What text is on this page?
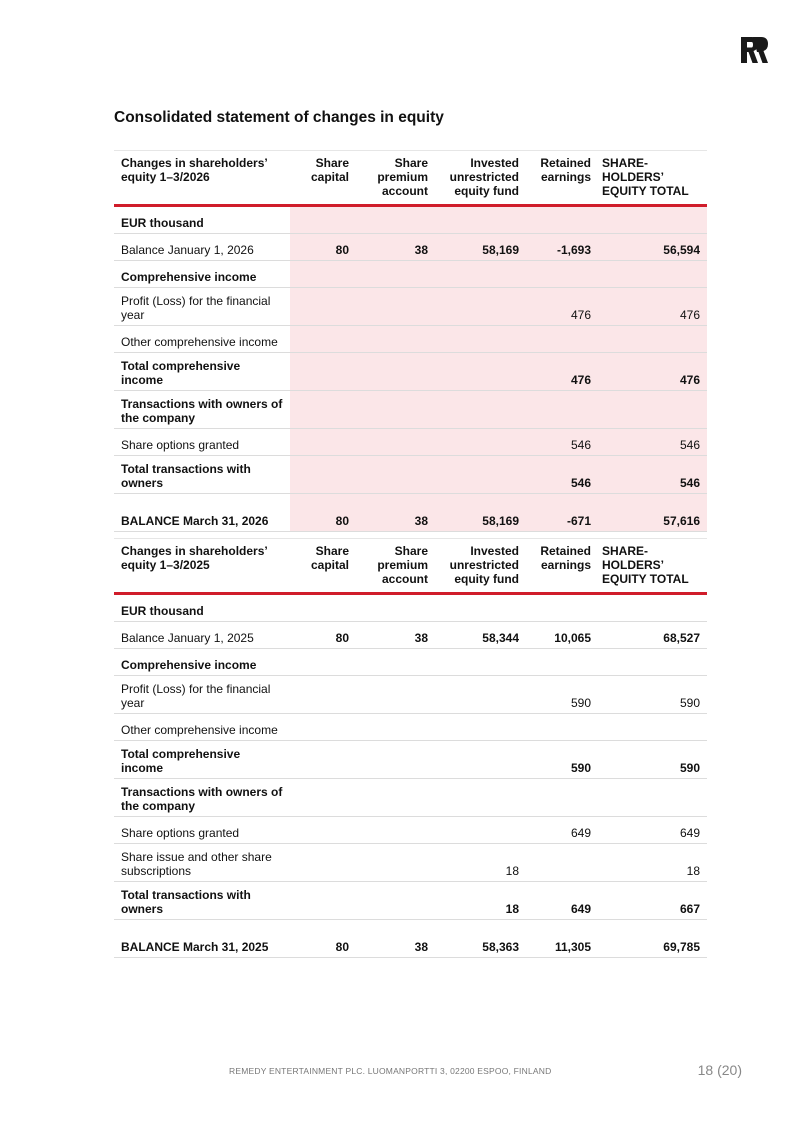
Consolidated statement of changes in equity
Changes in shareholders’ equity 1–3/2026	Share capital	Share premium account	Invested unrestricted equity fund	Retained earnings	SHARE-HOLDERS’ EQUITY TOTAL
EUR thousand					
Balance January 1, 2026	80	38	58,169	-1,693	56,594
Comprehensive income					
Profit (Loss) for the financial year				476	476
Other comprehensive income					
Total comprehensive income				476	476
Transactions with owners of the company					
Share options granted				546	546
Total transactions with owners				546	546
BALANCE March 31, 2026	80	38	58,169	-671	57,616
Changes in shareholders’ equity 1–3/2025	Share capital	Share premium account	Invested unrestricted equity fund	Retained earnings	SHARE-HOLDERS’ EQUITY TOTAL
EUR thousand					
Balance January 1, 2025	80	38	58,344	10,065	68,527
Comprehensive income					
Profit (Loss) for the financial year				590	590
Other comprehensive income					
Total comprehensive income				590	590
Transactions with owners of the company					
Share options granted				649	649
Share issue and other share subscriptions			18		18
Total transactions with owners			18	649	667
BALANCE March 31, 2025	80	38	58,363	11,305	69,785
REMEDY ENTERTAINMENT PLC. LUOMANPORTTI 3, 02200 ESPOO, FINLAND	18 (20)
